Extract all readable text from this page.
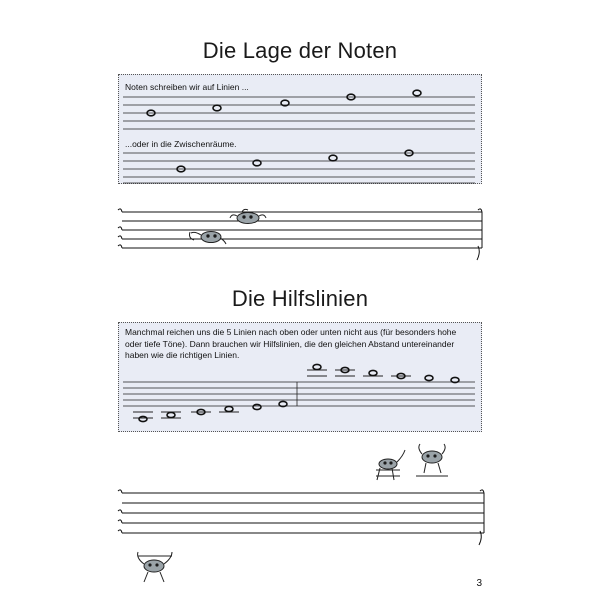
Die Lage der Noten
Noten schreiben wir auf Linien ...
...oder in die Zwischenräume.
Die Hilfslinien
Manchmal reichen uns die 5 Linien nach oben oder unten nicht aus (für besonders hohe oder tiefe Töne). Dann brauchen wir Hilfslinien, die den gleichen Abstand untereinander haben wie die richtigen Linien.
3
